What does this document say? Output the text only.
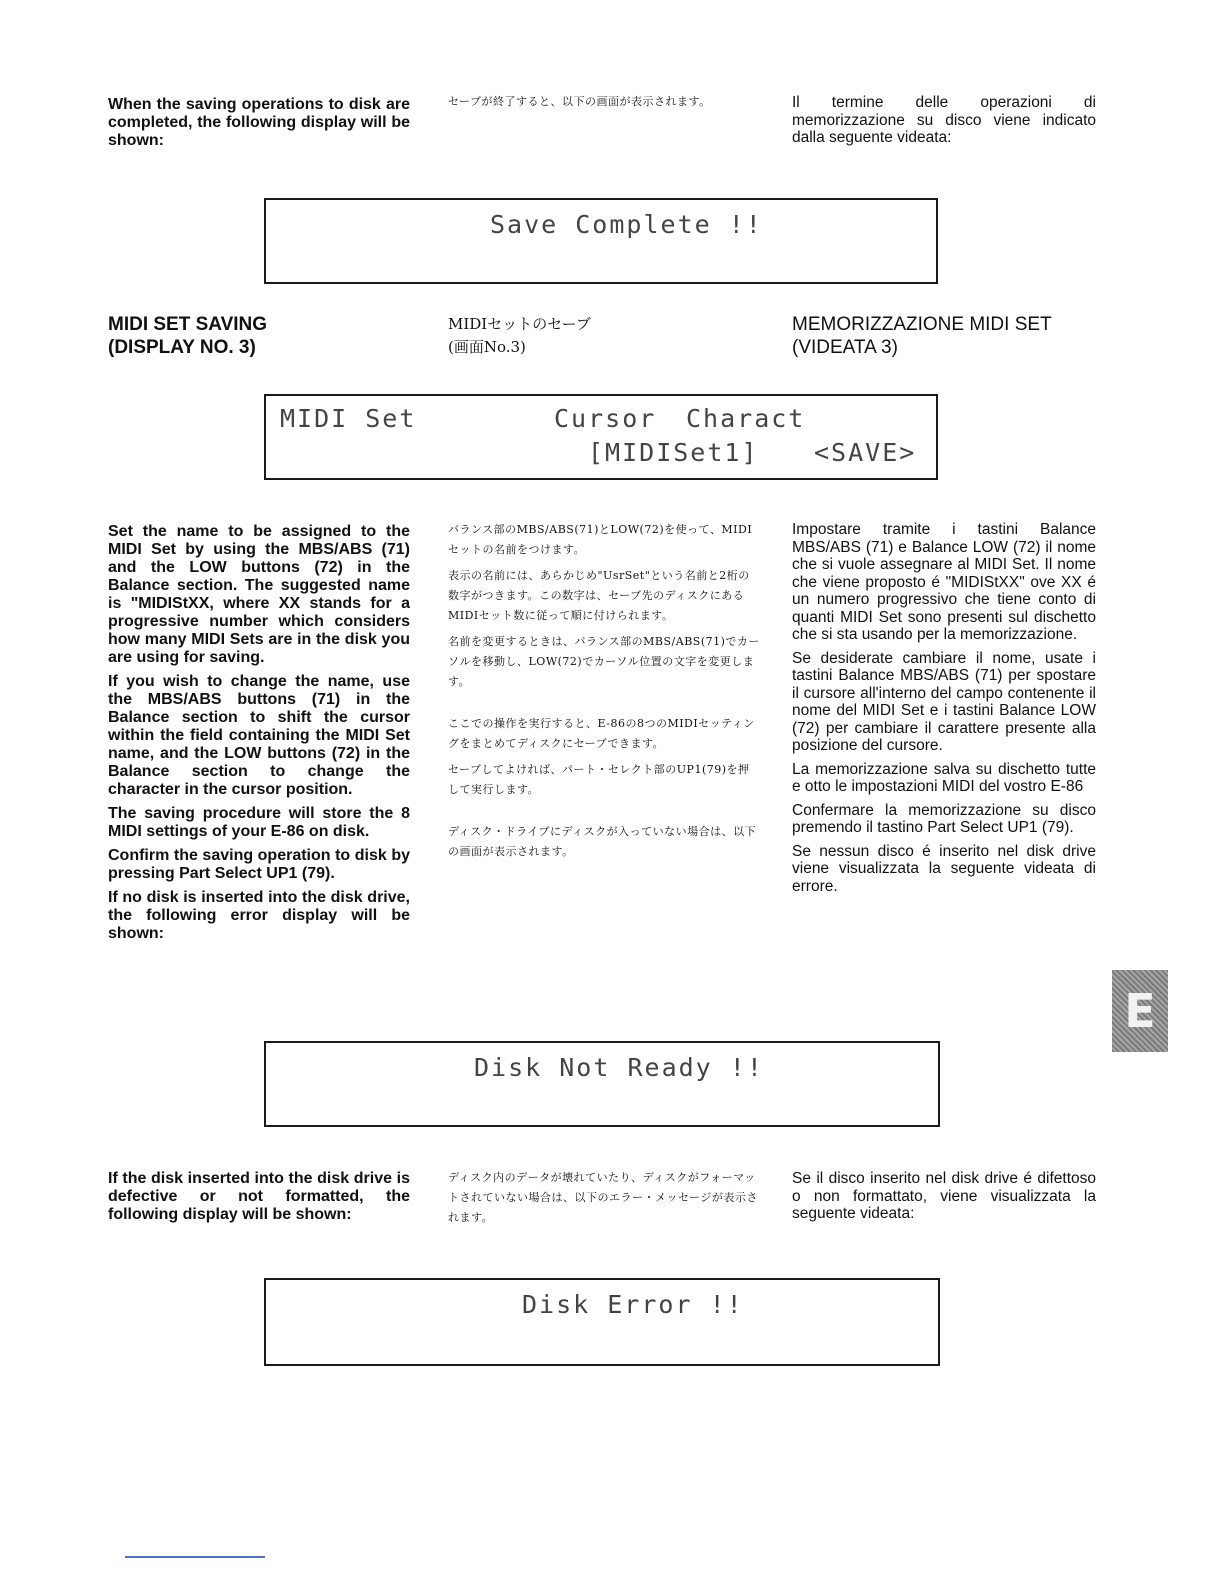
When the saving operations to disk are completed, the following display will be shown:
セーブが終了すると、以下の画面が表示されます。	Il termine delle operazioni di memorizzazione su disco viene indicato dalla seguente videata:
Save Complete !!
MIDI SET SAVING
(DISPLAY NO. 3)
MIDIセットのセーブ
(画面No.3)
MEMORIZZAZIONE MIDI SET
(VIDEATA 3)
MIDI Set	Cursor Charact
[MIDISet1] <SAVE>

Set the name to be assigned to the MIDI Set by using the MBS/ABS (71) and the LOW buttons (72) in the Balance section. The suggested name is "MIDIStXX, where XX stands for a progressive number which considers how many MIDI Sets are in the disk you are using for saving.

If you wish to change the name, use the MBS/ABS buttons (71) in the Balance section to shift the cursor within the field containing the MIDI Set name, and the LOW buttons (72) in the Balance section to change the character in the cursor position.

The saving procedure will store the 8 MIDI settings of your E-86 on disk.

Confirm the saving operation to disk by pressing Part Select UP1 (79).

If no disk is inserted into the disk drive, the following error display will be shown:

バランス部のMBS/ABS(71)とLOW(72)を使って、MIDIセットの名前をつけます。

表示の名前には、あらかじめ"UsrSet"という名前と2桁の数字がつきます。この数字は、セーブ先のディスクにあるMIDIセット数に従って順に付けられます。

名前を変更するときは、バランス部のMBS/ABS(71)でカーソルを移動し、LOW(72)でカーソル位置の文字を変更します。

ここでの操作を実行すると、E-86の8つのMIDIセッティングをまとめてディスクにセーブできます。

セーブしてよければ、パート・セレクト部のUP1(79)を押して実行します。

ディスク・ドライブにディスクが入っていない場合は、以下の画面が表示されます。

Impostare tramite i tastini Balance MBS/ABS (71) e Balance LOW (72) il nome che si vuole assegnare al MIDI Set. Il nome che viene proposto é "MIDIStXX" ove XX é un numero progressivo che tiene conto di quanti MIDI Set sono presenti sul dischetto che si sta usando per la memorizzazione.

Se desiderate cambiare il nome, usate i tastini Balance MBS/ABS (71) per spostare il cursore all'interno del campo contenente il nome del MIDI Set e i tastini Balance LOW (72) per cambiare il carattere presente alla posizione del cursore.

La memorizzazione salva su dischetto tutte e otto le impostazioni MIDI del vostro E-86

Confermare la memorizzazione su disco premendo il tastino Part Select UP1 (79).

Se nessun disco é inserito nel disk drive viene visualizzata la seguente videata di errore.

E
Disk Not Ready !!
If the disk inserted into the disk drive is defective or not formatted, the following display will be shown:
ディスク内のデータが壊れていたり、ディスクがフォーマットされていない場合は、以下のエラー・メッセージが表示されます。
Se il disco inserito nel disk drive é difettoso o non formattato, viene visualizzata la seguente videata:
Disk Error !!
